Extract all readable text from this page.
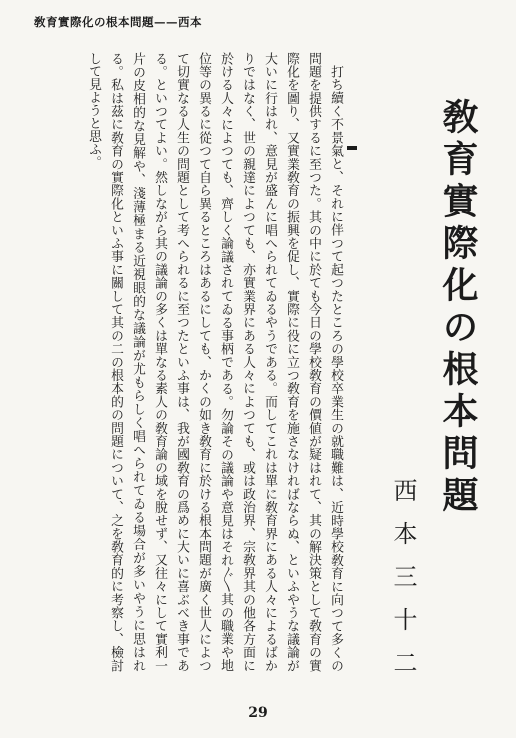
敎育實際化の根本問題——西本
敎育實際化の根本問題
西本三十二

打ち續く不景氣と、それに伴つて起つたところの學校卒業生の就職難は、近時學校敎育に向つて多くの問題を提供するに至つた。其の中に於ても今日の學校敎育の價値が疑はれて、其の解決策として敎育の實際化を圖り、又實業敎育の振興を促し、實際に役に立つ敎育を施さなければならぬ、といふやうな議論が大いに行はれ、意見が盛んに唱へられてゐるやうである。而してこれは單に敎育界にある人々によるばかりではなく、世の親達によつても、亦實業界にある人々によつても、或は政治界、宗敎界其の他各方面に於ける人々によつても、齊しく論議されてゐる事柄である。勿論その議論や意見はそれ〴〵其の職業や地位等の異るに從つて自ら異るところはあるにしても、かくの如き敎育に於ける根本問題が廣く世人によつて切實なる人生の問題として考へられるに至つたといふ事は、我が國敎育の爲めに大いに喜ぶべき事である。といつてよい。然しながら其の議論の多くは單なる素人の敎育論の域を脫せず、又往々にして實利一片の皮相的な見解や、淺薄極まる近視眼的な議論が尤もらしく唱へられてゐる場合が多いやうに思はれる。私は茲に敎育の實際化といふ事に關して其の二の根本的の問題について、之を敎育的に考察し、檢討して見ようと思ふ。

29
